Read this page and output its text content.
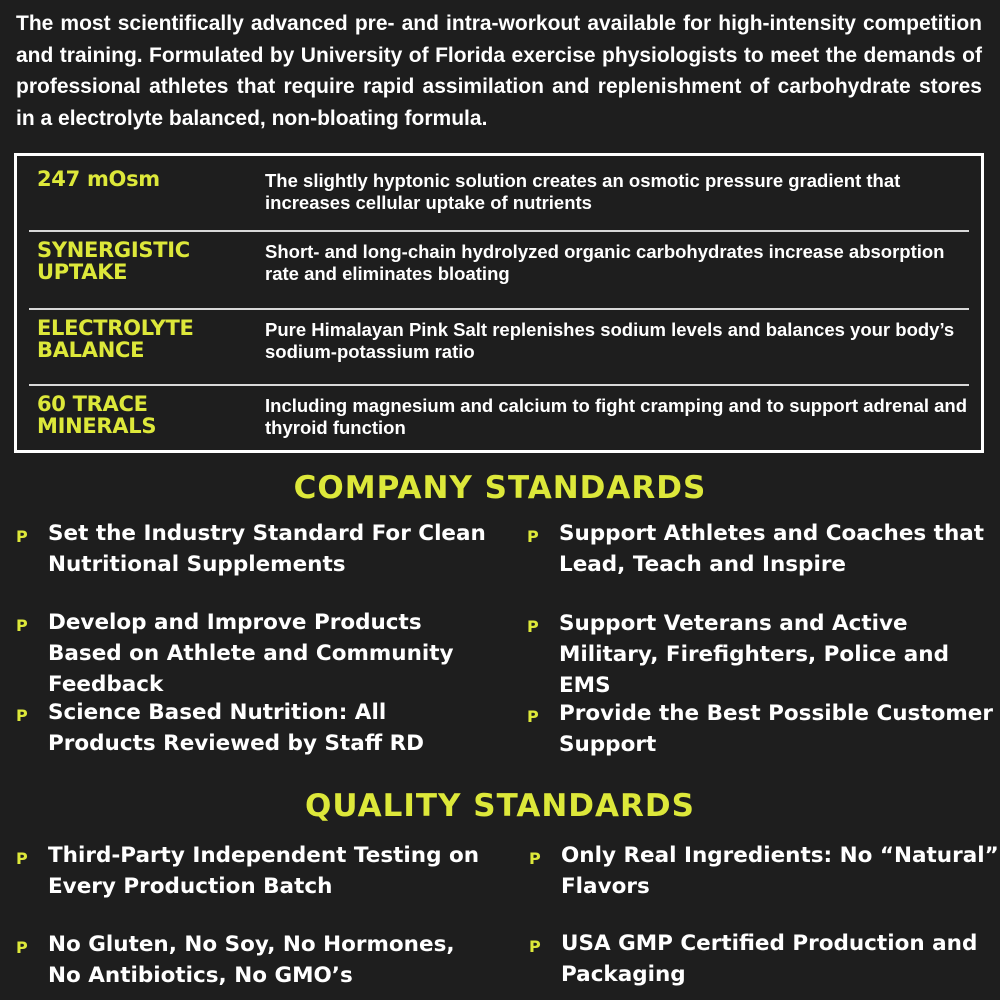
The most scientifically advanced pre- and intra-workout available for high-intensity competition and training. Formulated by University of Florida exercise physiologists to meet the demands of professional athletes that require rapid assimilation and replenishment of carbohydrate stores in a electrolyte balanced, non-bloating formula.

247 mOsm	The slightly hyptonic solution creates an osmotic pressure gradient that increases cellular uptake of nutrients
SYNERGISTIC UPTAKE
Short- and long-chain hydrolyzed organic carbohydrates increase absorption rate and eliminates bloating
ELECTROLYTE BALANCE
Pure Himalayan Pink Salt replenishes sodium levels and balances your body’s sodium-potassium ratio
60 TRACE MINERALS
Including magnesium and calcium to fight cramping and to support adrenal and thyroid function
COMPANY STANDARDS
P Set the Industry Standard For Clean Nutritional Supplements
P Support Athletes and Coaches that Lead, Teach and Inspire
P Develop and Improve Products Based on Athlete and Community Feedback
P Support Veterans and Active Military, Firefighters, Police and EMS
P Science Based Nutrition: All Products Reviewed by Staff RD
P Provide the Best Possible Customer Support
QUALITY STANDARDS
P Third-Party Independent Testing on Every Production Batch
P Only Real Ingredients: No “Natural” Flavors
P No Gluten, No Soy, No Hormones, No Antibiotics, No GMO’s
P USA GMP Certified Production and Packaging
